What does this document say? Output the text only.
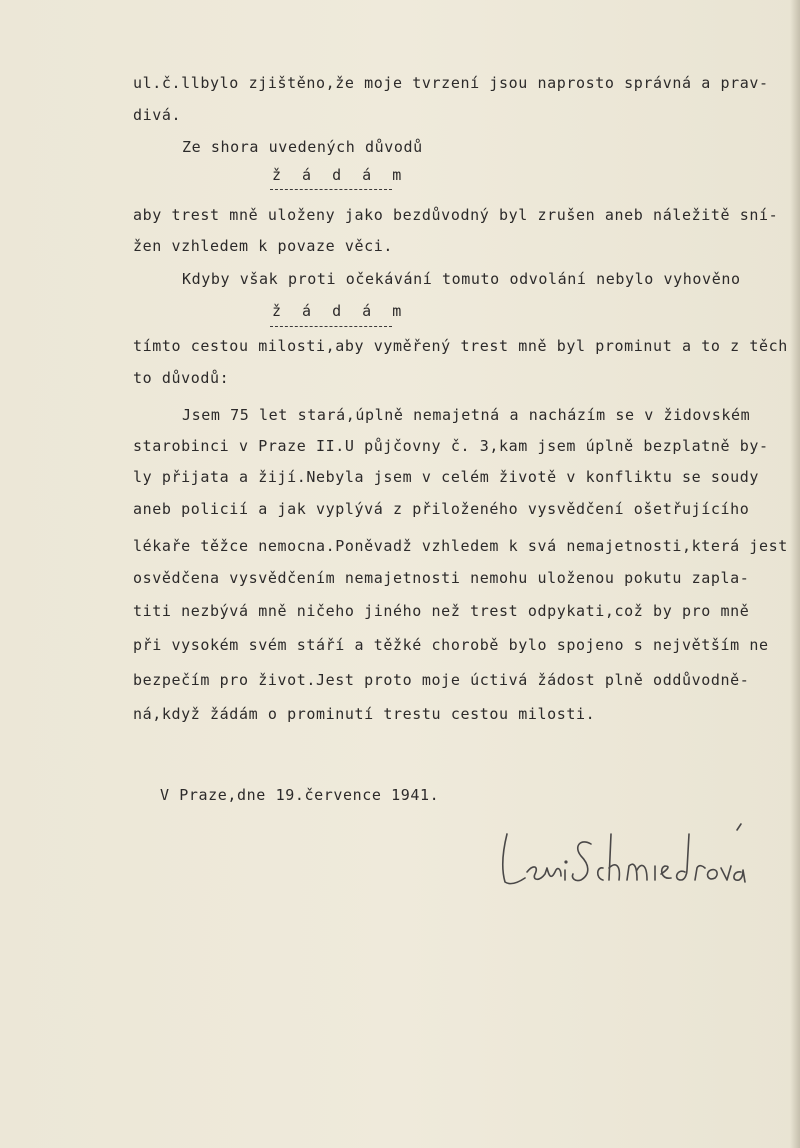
ul.č.llbylo zjištěno,že moje tvrzení jsou naprosto správná a prav-
divá.
Ze shora uvedených důvodů
ž á d á m
aby trest mně uloženy jako bezdůvodný byl zrušen aneb náležitě sní-
žen vzhledem k povaze věci.
Kdyby však proti očekávání tomuto odvolání nebylo vyhověno
ž á d á m
tímto cestou milosti,aby vyměřený trest mně byl prominut a to z těch
to důvodů:
Jsem 75 let stará,úplně nemajetná a nacházím se v židovském
starobinci v Praze II.U půjčovny č. 3,kam jsem úplně bezplatně by-
ly přijata a žijí.Nebyla jsem v celém životě v konfliktu se soudy
aneb policií a jak vyplývá z přiloženého vysvědčení ošetřujícího
lékaře těžce nemocna.Poněvadž vzhledem k svá nemajetnosti,která jest
osvědčena vysvědčením nemajetnosti nemohu uloženou pokutu zapla-
titi nezbývá mně ničeho jiného než trest odpykati,což by pro mně
při vysokém svém stáří a těžké chorobě bylo spojeno s největším ne
bezpečím pro život.Jest proto moje úctivá žádost plně oddůvodně-
ná,když žádám o prominutí trestu cestou milosti.
V Praze,dne 19.července 1941.
